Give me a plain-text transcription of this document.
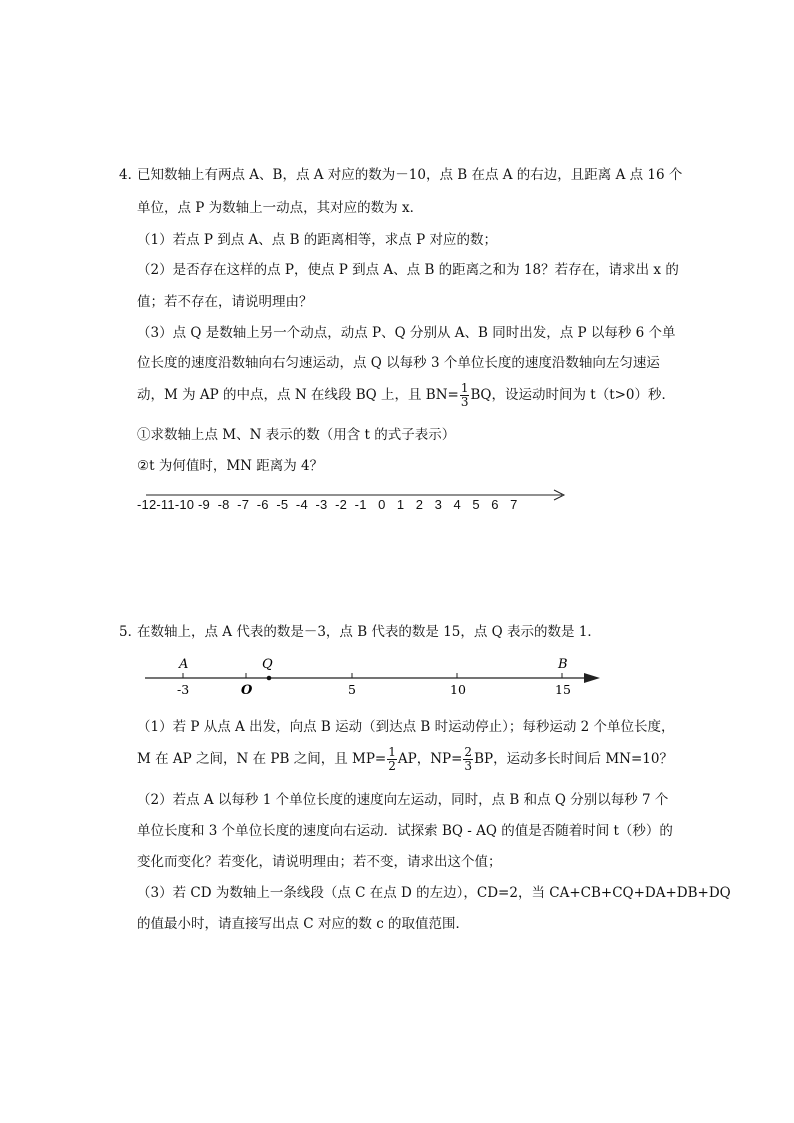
4．
已知数轴上有两点 A、B，点 A 对应的数为－10，点 B 在点 A 的右边，且距离 A 点 16 个
单位，点 P 为数轴上一动点，其对应的数为 x．
（1）若点 P 到点 A、点 B 的距离相等，求点 P 对应的数；
（2）是否存在这样的点 P，使点 P 到点 A、点 B 的距离之和为 18？若存在，请求出 x 的
值；若不存在，请说明理由？
（3）点 Q 是数轴上另一个动点，动点 P、Q 分别从 A、B 同时出发，点 P 以每秒 6 个单
位长度的速度沿数轴向右匀速运动，点 Q 以每秒 3 个单位长度的速度沿数轴向左匀速运
动，M 为 AP 的中点，点 N 在线段 BQ 上，且 $BN= \frac{1}{3}$ BQ，设运动时间为 t（t>0）秒．
①求数轴上点 M、N 表示的数（用含 t 的式子表示）
②t 为何值时，MN 距离为 4？
-12-11-10 -9  -8  -7  -6  -5  -4  -3  -2  -1   0   1   2   3   4   5   6   7
5．
在数轴上，点 A 代表的数是－3，点 B 代表的数是 15，点 Q 表示的数是 1．
A	Q	B
-3	O	5	10	15
（1）若 P 从点 A 出发，向点 B 运动（到达点 B 时运动停止）；每秒运动 2 个单位长度，
M 在 AP 之间，N 在 PB 之间，且 $MP= \frac{1}{2}$ AP，$NP= \frac{2}{3}$ BP，运动多长时间后 MN=10？
（2）若点 A 以每秒 1 个单位长度的速度向左运动，同时，点 B 和点 Q 分别以每秒 7 个
单位长度和 3 个单位长度的速度向右运动．试探索 BQ - AQ 的值是否随着时间 t（秒）的
变化而变化？若变化，请说明理由；若不变，请求出这个值；
（3）若 CD 为数轴上一条线段（点 C 在点 D 的左边），CD=2，当 CA+CB+CQ+DA+DB+DQ
的值最小时，请直接写出点 C 对应的数 c 的取值范围．
